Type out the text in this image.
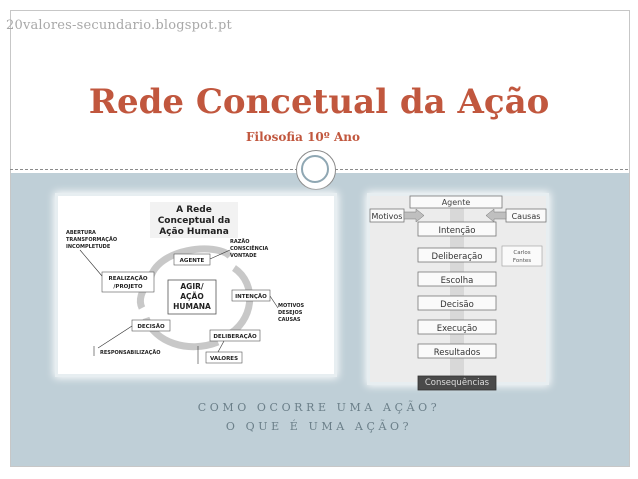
20valores-secundario.blogspot.pt
Rede Concetual da Ação
Filosofia 10º Ano
A Rede
Conceptual da
Ação Humana
AGIR/
AÇÃO
HUMANA
ABERTURA
TRANSFORMAÇÃO
INCOMPLETUDE
AGENTE
RAZÃO
CONSCIÊNCIA
VONTADE
REALIZAÇÃO
/PROJETO
INTENÇÃO
MOTIVOS
DESEJOS
CAUSAS
DECISÃO
DELIBERAÇÃO
RESPONSABILIZAÇÃO
VALORES
Agente
Motivos	Causas
Intenção
Deliberação	Carlos
Fontes
Escolha
Decisão
Execução
Resultados
Consequências
COMO OCORRE UMA AÇÃO?
O QUE É UMA AÇÃO?
